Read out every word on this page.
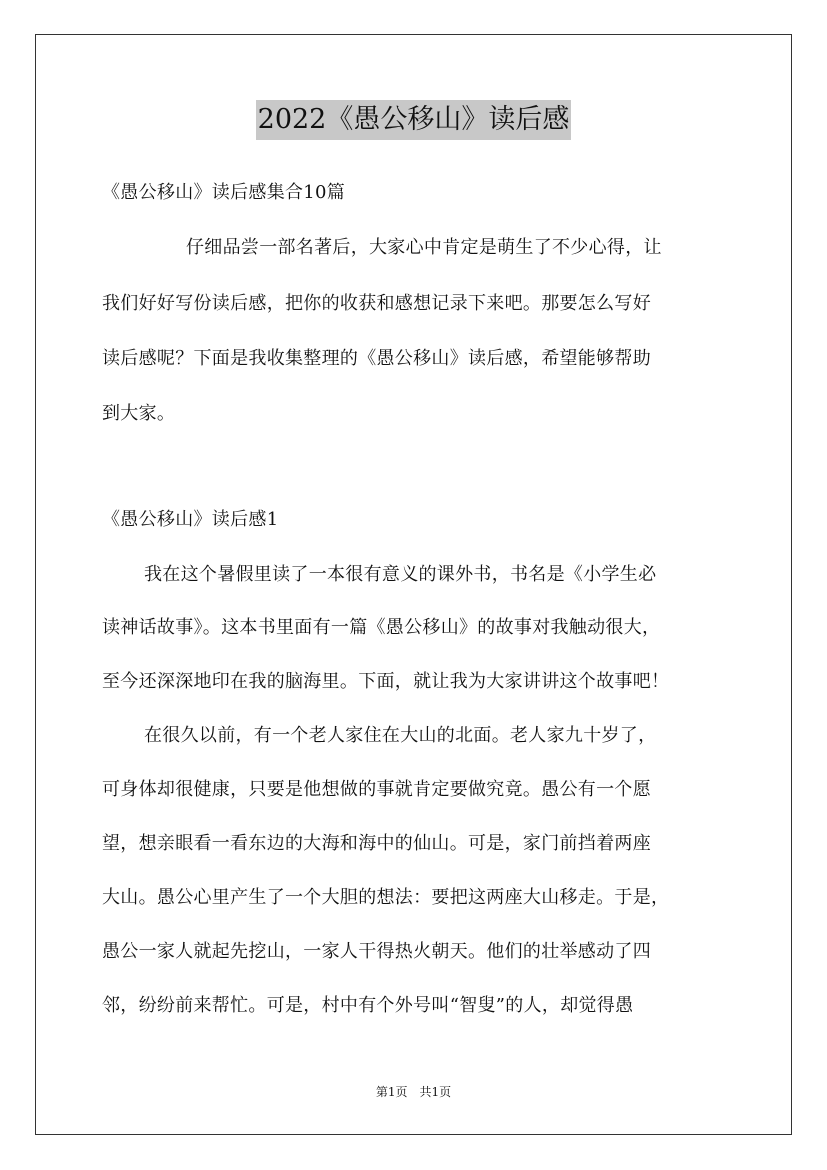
2022《愚公移山》读后感
《愚公移山》读后感集合10篇
仔细品尝一部名著后，大家心中肯定是萌生了不少心得，让
我们好好写份读后感，把你的收获和感想记录下来吧。那要怎么写好
读后感呢？下面是我收集整理的《愚公移山》读后感，希望能够帮助
到大家。
《愚公移山》读后感1
我在这个暑假里读了一本很有意义的课外书，书名是《小学生必
读神话故事》。这本书里面有一篇《愚公移山》的故事对我触动很大，
至今还深深地印在我的脑海里。下面，就让我为大家讲讲这个故事吧！
在很久以前，有一个老人家住在大山的北面。老人家九十岁了，
可身体却很健康，只要是他想做的事就肯定要做究竟。愚公有一个愿
望，想亲眼看一看东边的大海和海中的仙山。可是，家门前挡着两座
大山。愚公心里产生了一个大胆的想法：要把这两座大山移走。于是，
愚公一家人就起先挖山，一家人干得热火朝天。他们的壮举感动了四
邻，纷纷前来帮忙。可是，村中有个外号叫“智叟”的人，却觉得愚
第1页　共1页
